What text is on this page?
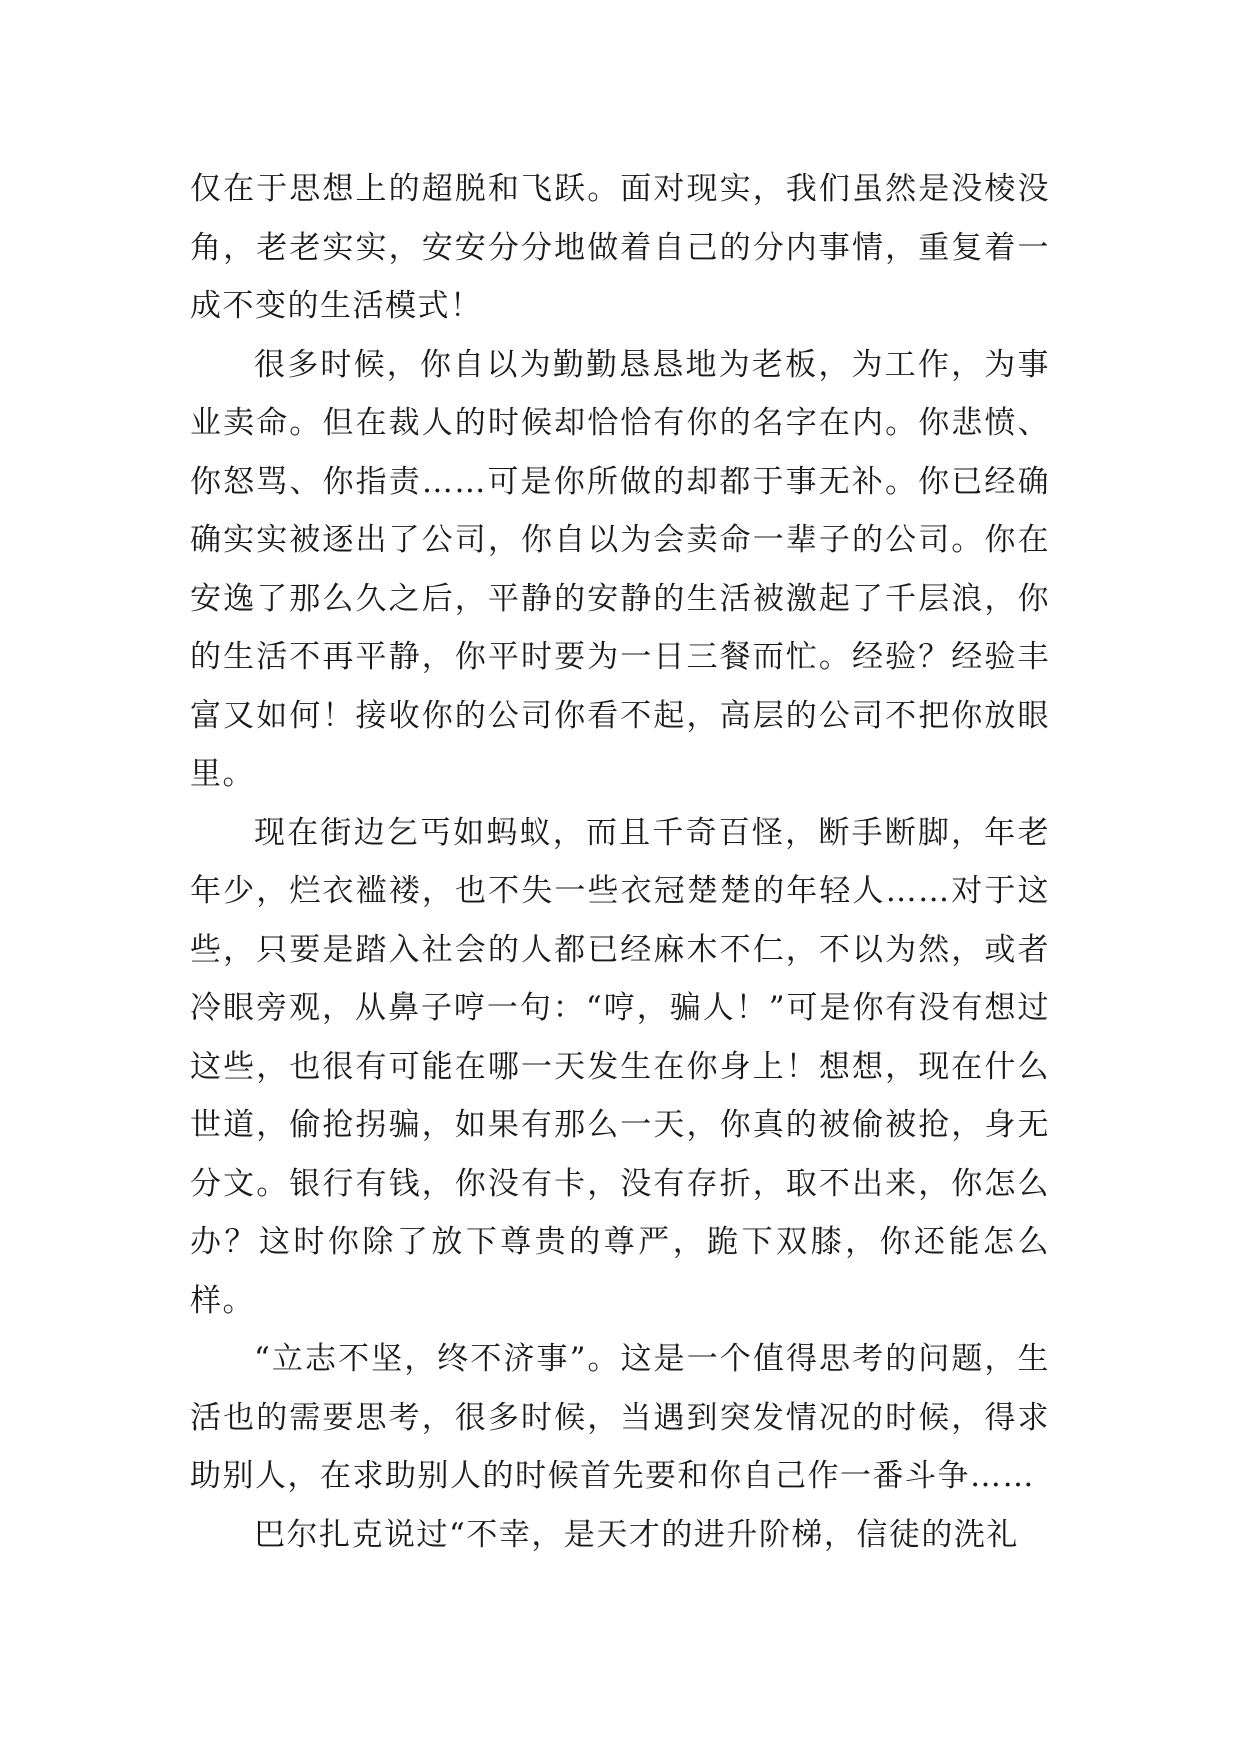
仅在于思想上的超脱和飞跃。面对现实，我们虽然是没棱没角，老老实实，安安分分地做着自己的分内事情，重复着一成不变的生活模式！

很多时候，你自以为勤勤恳恳地为老板，为工作，为事业卖命。但在裁人的时候却恰恰有你的名字在内。你悲愤、你怒骂、你指责……可是你所做的却都于事无补。你已经确确实实被逐出了公司，你自以为会卖命一辈子的公司。你在安逸了那么久之后，平静的安静的生活被激起了千层浪，你的生活不再平静，你平时要为一日三餐而忙。经验？经验丰富又如何！接收你的公司你看不起，高层的公司不把你放眼里。

现在街边乞丐如蚂蚁，而且千奇百怪，断手断脚，年老年少，烂衣褴褛，也不失一些衣冠楚楚的年轻人……对于这些，只要是踏入社会的人都已经麻木不仁，不以为然，或者冷眼旁观，从鼻子哼一句：“哼，骗人！”可是你有没有想过这些，也很有可能在哪一天发生在你身上！想想，现在什么世道，偷抢拐骗，如果有那么一天，你真的被偷被抢，身无分文。银行有钱，你没有卡，没有存折，取不出来，你怎么办？这时你除了放下尊贵的尊严，跪下双膝，你还能怎么样。

“立志不坚，终不济事”。这是一个值得思考的问题，生活也的需要思考，很多时候，当遇到突发情况的时候，得求助别人，在求助别人的时候首先要和你自己作一番斗争……

巴尔扎克说过“不幸，是天才的进升阶梯，信徒的洗礼
